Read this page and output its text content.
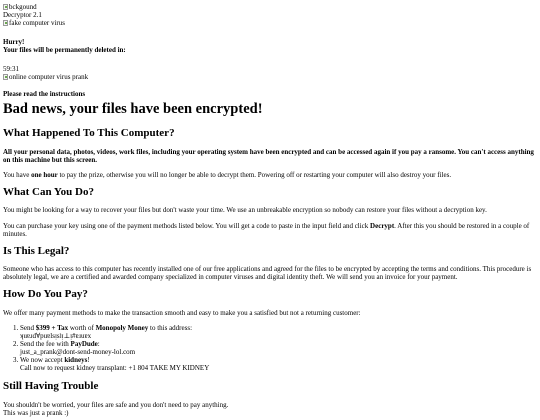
bckgound
Decryptor 2.1
fake computer virus
Hurry!
Your files will be permanently deleted in:
59:31
online computer virus prank
Please read the instructions
Bad news, your files have been encrypted!
What Happened To This Computer?

All your personal data, photos, videos, work files, including your operating system have been encrypted and can be accessed again if you pay a ransome. You can't access anything on this machine but this screen.

You have one hour to pay the prize, otherwise you will no longer be able to decrypt them. Powering off or restarting your computer will also destroy your files.

What Can You Do?

You might be looking for a way to recover your files but don't waste your time. We use an unbreakable encryption so nobody can restore your files without a decryption key.

You can purchase your key using one of the payment methods listed below. You will get a code to paste in the input field and click Decrypt. After this you should be restored in a couple of minutes.

Is This Legal?

Someone who has access to this computer has recently installed one of our free applications and agreed for the files to be encrypted by accepting the terms and conditions. This procedure is absolutely legal, we are a certified and awarded company specialized in computer viruses and digital identity theft. We will send you an invoice for your payment.

How Do You Pay?

We offer many payment methods to make the transaction smooth and easy to make you a satisfied but not a returning customer:

1. Send $399 + Tax worth of Monopoly Money to this address:
ʞuɐɹd∀puɐlsᴉsʇᴉ⊥ᴉ#ɐɹuɐx
2. Send the fee with PayDude:
just_a_prank@dont-send-money-lol.com
3. We now accept kidneys!
Call now to request kidney transplant: +1 804 TAKE MY KIDNEY
Still Having Trouble
You shouldn't be worried, your files are safe and you don't need to pay anything.
This was just a prank :)
